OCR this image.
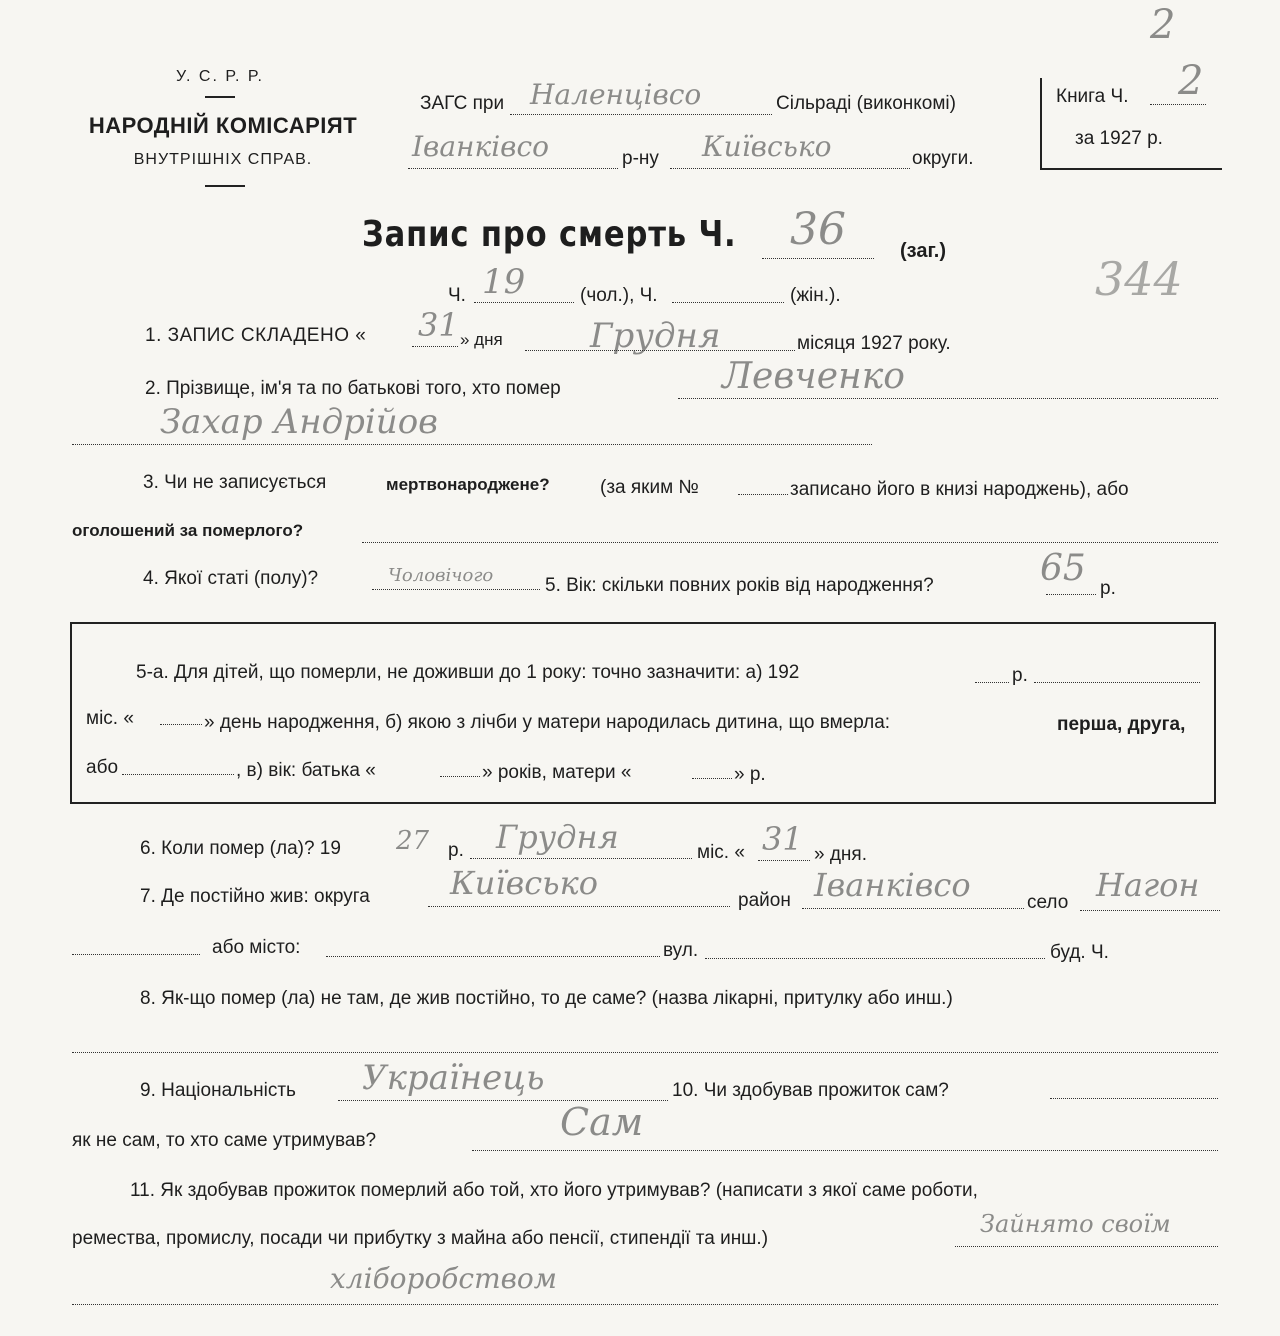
2
У. С. Р. Р.
НАРОДНІЙ КОМІСАРІЯТ
ВНУТРІШНІХ СПРАВ.
ЗАГС при Наленцівсо	Сільраді (виконкомі)
Іванківсо	р-ну Київсько	округи.
Книга Ч. 2
за 1927 р.
Запис про смерть Ч. 36	(заг.)
344
Ч. 19	(чол.), Ч.	(жін.).
1. ЗАПИС СКЛАДЕНО « 31 » дня	Грудня	місяця 1927 року.
2. Прізвище, ім'я та по батькові того, хто помер	Левченко
Захар Андрійов
3. Чи не записується	мертвонароджене?	(за яким №	записано його в книзі народжень), або
оголошений за померлого?
4. Якої статі (полу)?	Чоловічого	5. Вік: скільки повних років від народження?	65 р.
5-а. Для дітей, що померли, не доживши до 1 року: точно зазначити: а) 192	р.
міс. «	» день народження, б) якою з лічби у матери народилась дитина, що вмерла:	перша, друга,
або	, в) вік: батька «	» років, матери «	» р.
6. Коли помер (ла)? 19 27 р. Грудня	міс. « 31 » дня.
7. Де постійно жив: округа	Київсько	район Іванківсо	село Нагон
або місто:	вул.	буд. Ч.
8. Як-що помер (ла) не там, де жив постійно, то де саме? (назва лікарні, притулку або инш.)
9. Національність Українець	10. Чи здобував прожиток сам?
як не сам, то хто саме утримував?	Сам
11. Як здобував прожиток померлий або той, хто його утримував? (написати з якої саме роботи,
ремества, промислу, посади чи прибутку з майна або пенсії, стипендії та инш.)
Зайнято своїм
хліборобством
